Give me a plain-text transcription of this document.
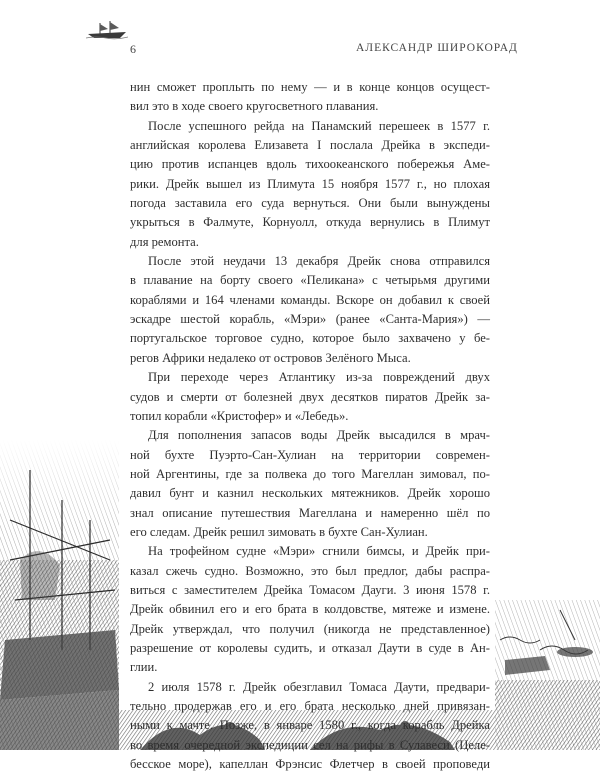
6	АЛЕКСАНДР ШИРОКОРАД
нин сможет проплыть по нему — и в конце концов осущест-
вил это в ходе своего кругосветного плавания.
После успешного рейда на Панамский перешеек в 1577 г.
английская королева Елизавета I послала Дрейка в экспеди-
цию против испанцев вдоль тихоокеанского побережья Аме-
рики. Дрейк вышел из Плимута 15 ноября 1577 г., но плохая
погода заставила его суда вернуться. Они были вынуждены
укрыться в Фалмуте, Корнуолл, откуда вернулись в Плимут
для ремонта.
После этой неудачи 13 декабря Дрейк снова отправился
в плавание на борту своего «Пеликана» с четырьмя другими
кораблями и 164 членами команды. Вскоре он добавил к своей
эскадре шестой корабль, «Мэри» (ранее «Санта-Мария») —
португальское торговое судно, которое было захвачено у бе-
регов Африки недалеко от островов Зелёного Мыса.
При переходе через Атлантику из-за повреждений двух
судов и смерти от болезней двух десятков пиратов Дрейк за-
топил корабли «Кристофер» и «Лебедь».
Для пополнения запасов воды Дрейк высадился в мрач-
ной бухте Пуэрто-Сан-Хулиан на территории современ-
ной Аргентины, где за полвека до того Магеллан зимовал, по-
давил бунт и казнил нескольких мятежников. Дрейк хорошо
знал описание путешествия Магеллана и намеренно шёл по
его следам. Дрейк решил зимовать в бухте Сан-Хулиан.
На трофейном судне «Мэри» сгнили бимсы, и Дрейк при-
казал сжечь судно. Возможно, это был предлог, дабы распра-
виться с заместителем Дрейка Томасом Дауги. 3 июня 1578 г.
Дрейк обвинил его и его брата в колдовстве, мятеже и измене.
Дрейк утверждал, что получил (никогда не представленное)
разрешение от королевы судить, и отказал Даути в суде в Ан-
глии.
2 июля 1578 г. Дрейк обезглавил Томаса Даути, предвари-
тельно продержав его и его брата несколько дней привязан-
ными к мачте. Позже, в январе 1580 г., когда корабль Дрейка
во время очередной экспедиции сел на рифы в Сулавеси (Целе-
бесское море), капеллан Фрэнсис Флетчер в своей проповеди
